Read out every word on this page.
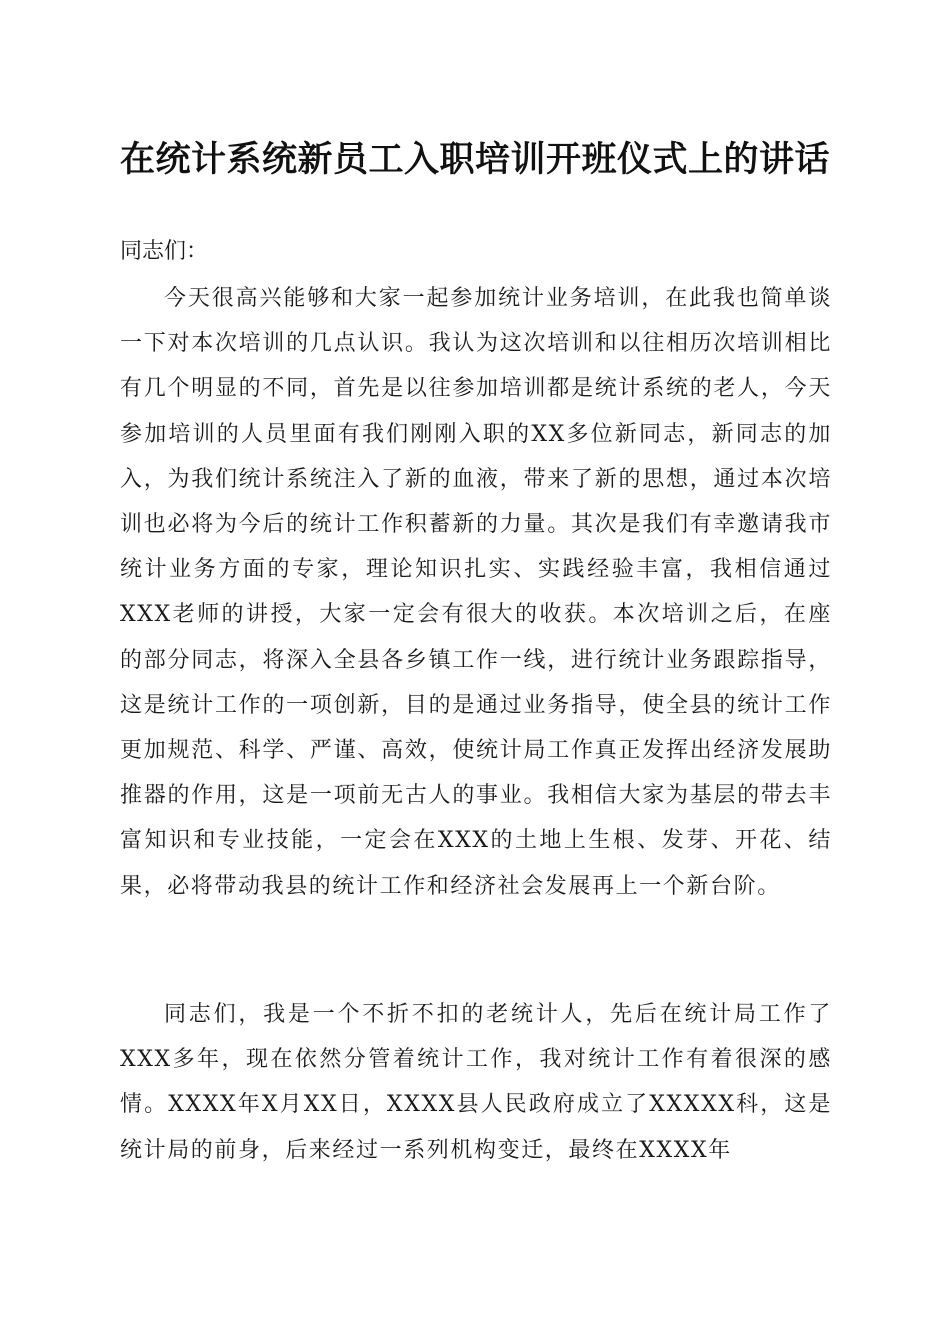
在统计系统新员工入职培训开班仪式上的讲话

同志们：

今天很高兴能够和大家一起参加统计业务培训，在此我也简单谈一下对本次培训的几点认识。我认为这次培训和以往相历次培训相比有几个明显的不同，首先是以往参加培训都是统计系统的老人，今天参加培训的人员里面有我们刚刚入职的XX多位新同志，新同志的加入，为我们统计系统注入了新的血液，带来了新的思想，通过本次培训也必将为今后的统计工作积蓄新的力量。其次是我们有幸邀请我市统计业务方面的专家，理论知识扎实、实践经验丰富，我相信通过XXX老师的讲授，大家一定会有很大的收获。本次培训之后，在座的部分同志，将深入全县各乡镇工作一线，进行统计业务跟踪指导，这是统计工作的一项创新，目的是通过业务指导，使全县的统计工作更加规范、科学、严谨、高效，使统计局工作真正发挥出经济发展助推器的作用，这是一项前无古人的事业。我相信大家为基层的带去丰富知识和专业技能，一定会在XXX的土地上生根、发芽、开花、结果，必将带动我县的统计工作和经济社会发展再上一个新台阶。

同志们，我是一个不折不扣的老统计人，先后在统计局工作了XXX多年，现在依然分管着统计工作，我对统计工作有着很深的感情。XXXX年X月XX日，XXXX县人民政府成立了XXXXX科，这是统计局的前身，后来经过一系列机构变迁，最终在XXXX年
